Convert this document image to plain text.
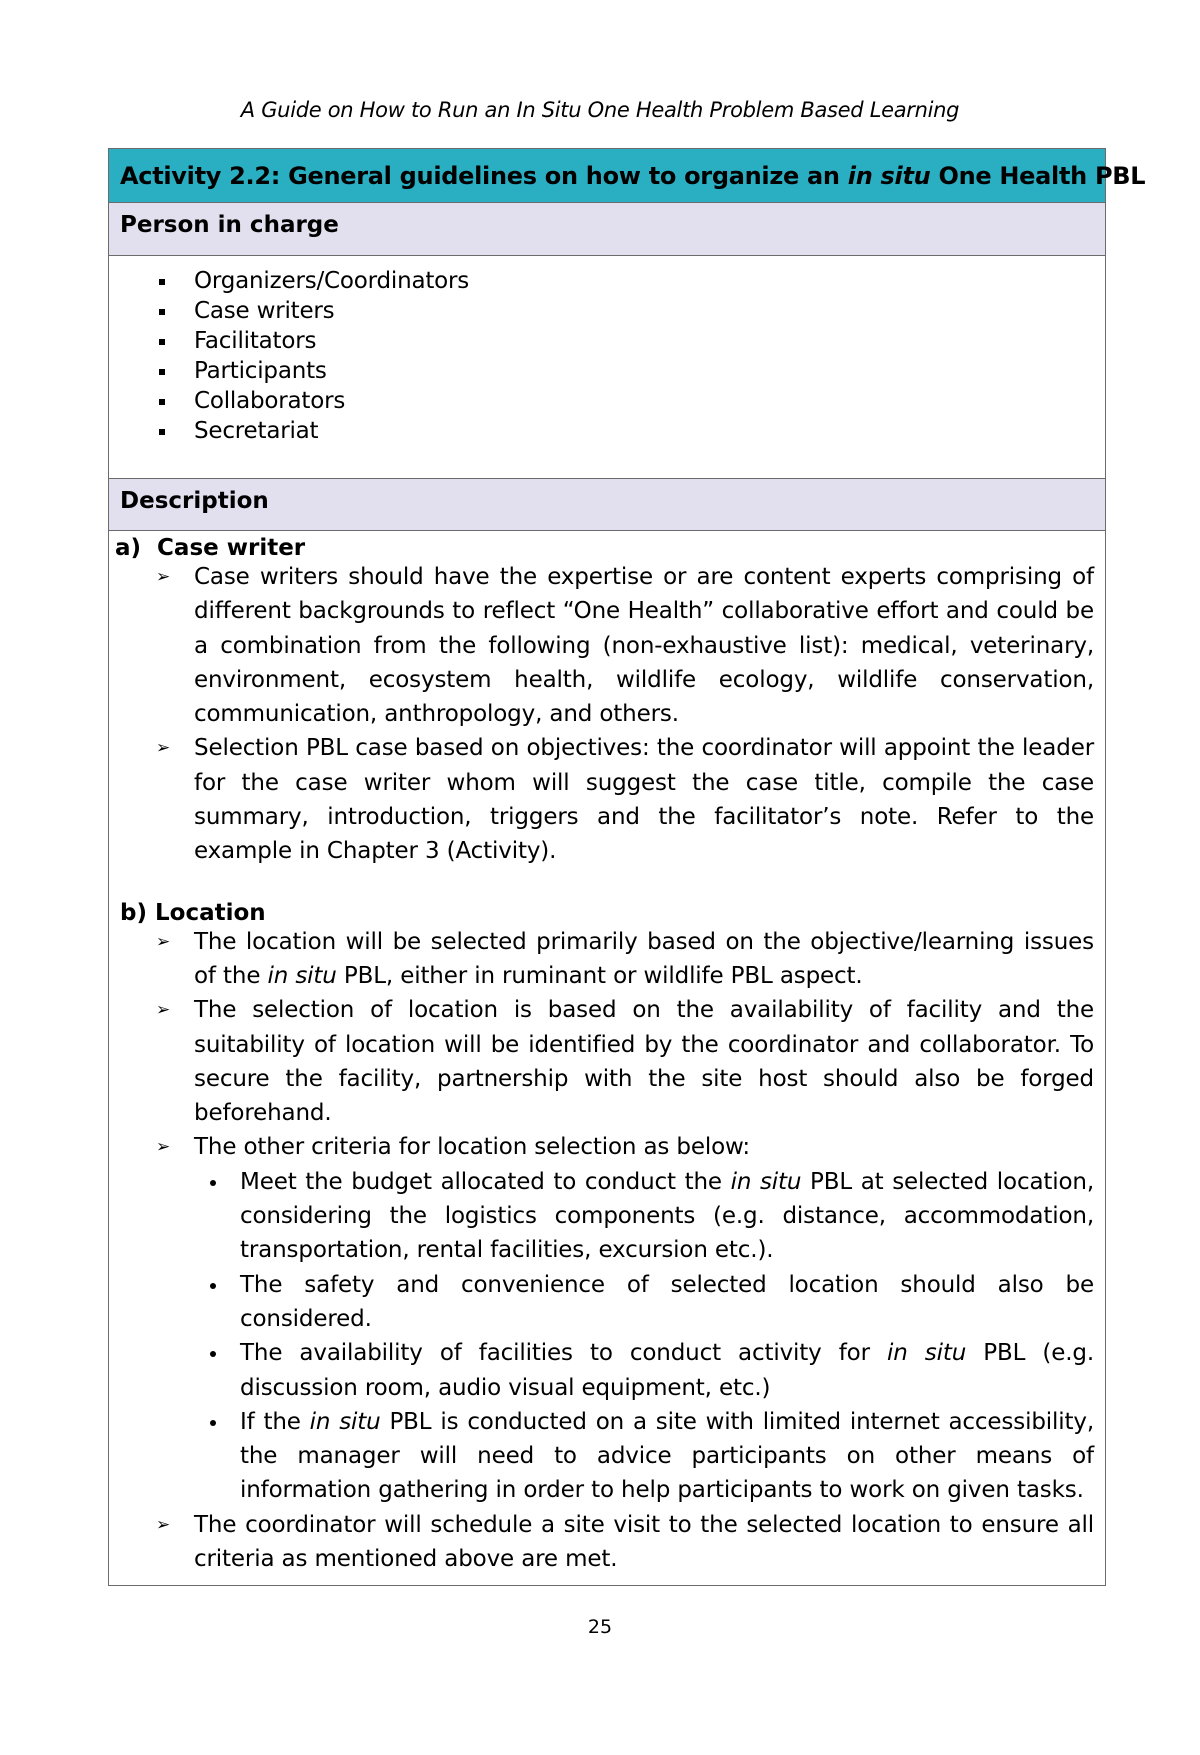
A Guide on How to Run an In Situ One Health Problem Based Learning
Activity 2.2: General guidelines on how to organize an in situ One Health PBL
Person in charge
Organizers/Coordinators
Case writers
Facilitators
Participants
Collaborators
Secretariat
Description
a)  Case writer
➢ Case writers should have the expertise or are content experts comprising of different backgrounds to reflect “One Health” collaborative effort and could be a combination from the following (non-exhaustive list): medical, veterinary, environment, ecosystem health, wildlife ecology, wildlife conservation, communication, anthropology, and others.
➢ Selection PBL case based on objectives: the coordinator will appoint the leader for the case writer whom will suggest the case title, compile the case summary, introduction, triggers and the facilitator’s note. Refer to the example in Chapter 3 (Activity).
b) Location
➢ The location will be selected primarily based on the objective/learning issues of the in situ PBL, either in ruminant or wildlife PBL aspect.
➢ The selection of location is based on the availability of facility and the suitability of location will be identified by the coordinator and collaborator. To secure the facility, partnership with the site host should also be forged beforehand.
➢ The other criteria for location selection as below:
Meet the budget allocated to conduct the in situ PBL at selected location, considering the logistics components (e.g. distance, accommodation, transportation, rental facilities, excursion etc.).
The safety and convenience of selected location should also be considered.
The availability of facilities to conduct activity for in situ PBL (e.g. discussion room, audio visual equipment, etc.)
If the in situ PBL is conducted on a site with limited internet accessibility, the manager will need to advice participants on other means of information gathering in order to help participants to work on given tasks.
➢ The coordinator will schedule a site visit to the selected location to ensure all criteria as mentioned above are met.
25
